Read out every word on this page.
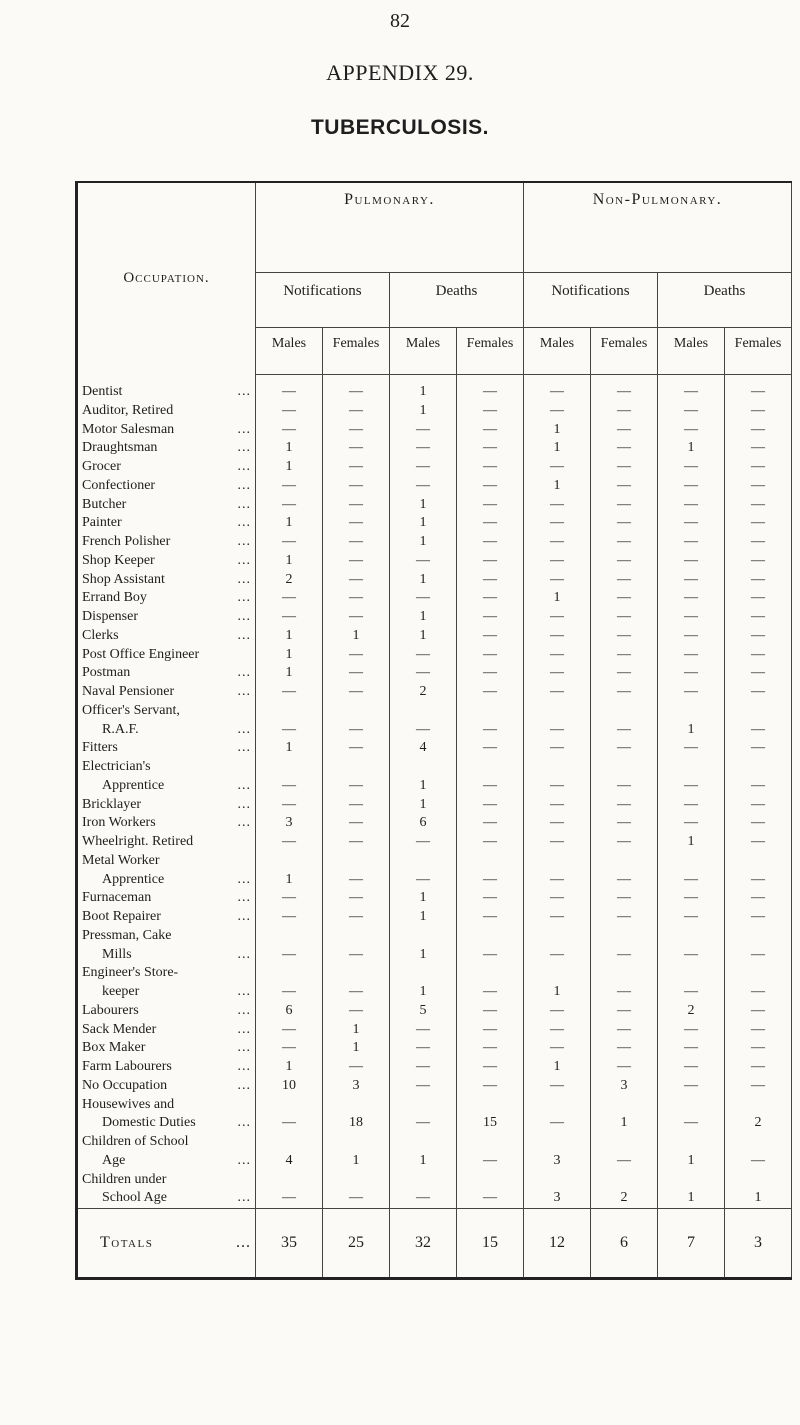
82
APPENDIX 29.
TUBERCULOSIS.
Occupation.	Pulmonary.				Non-Pulmonary.			
	Notifications		Deaths		Notifications		Deaths	
	Males	Females	Males	Females	Males	Females	Males	Females
Dentist ...	—	—	1	—	—	—	—	—
Auditor, Retired	—	—	1	—	—	—	—	—
Motor Salesman ...	—	—	—	—	1	—	—	—
Draughtsman ...	1	—	—	—	1	—	1	—
Grocer ...	1	—	—	—	—	—	—	—
Confectioner ...	—	—	—	—	1	—	—	—
Butcher ...	—	—	1	—	—	—	—	—
Painter ...	1	—	1	—	—	—	—	—
French Polisher ...	—	—	1	—	—	—	—	—
Shop Keeper ...	1	—	—	—	—	—	—	—
Shop Assistant ...	2	—	1	—	—	—	—	—
Errand Boy ...	—	—	—	—	1	—	—	—
Dispenser ...	—	—	1	—	—	—	—	—
Clerks ...	1	1	1	—	—	—	—	—
Post Office Engineer	1	—	—	—	—	—	—	—
Postman ...	1	—	—	—	—	—	—	—
Naval Pensioner ...	—	—	2	—	—	—	—	—
Officer's Servant,								
R.A.F. ...	—	—	—	—	—	—	1	—
Fitters ...	1	—	4	—	—	—	—	—
Electrician's								
Apprentice ...	—	—	1	—	—	—	—	—
Bricklayer ...	—	—	1	—	—	—	—	—
Iron Workers ...	3	—	6	—	—	—	—	—
Wheelright. Retired	—	—	—	—	—	—	1	—
Metal Worker								
Apprentice ...	1	—	—	—	—	—	—	—
Furnaceman ...	—	—	1	—	—	—	—	—
Boot Repairer ...	—	—	1	—	—	—	—	—
Pressman, Cake								
Mills ...	—	—	1	—	—	—	—	—
Engineer's Store-								
keeper ...	—	—	1	—	1	—	—	—
Labourers ...	6	—	5	—	—	—	2	—
Sack Mender ...	—	1	—	—	—	—	—	—
Box Maker ...	—	1	—	—	—	—	—	—
Farm Labourers ...	1	—	—	—	1	—	—	—
No Occupation ...	10	3	—	—	—	3	—	—
Housewives and								
Domestic Duties ...	—	18	—	15	—	1	—	2
Children of School								
Age ...	4	1	1	—	3	—	1	—
Children under								
School Age ...	—	—	—	—	3	2	1	1
Totals ...	35	25	32	15	12	6	7	3
